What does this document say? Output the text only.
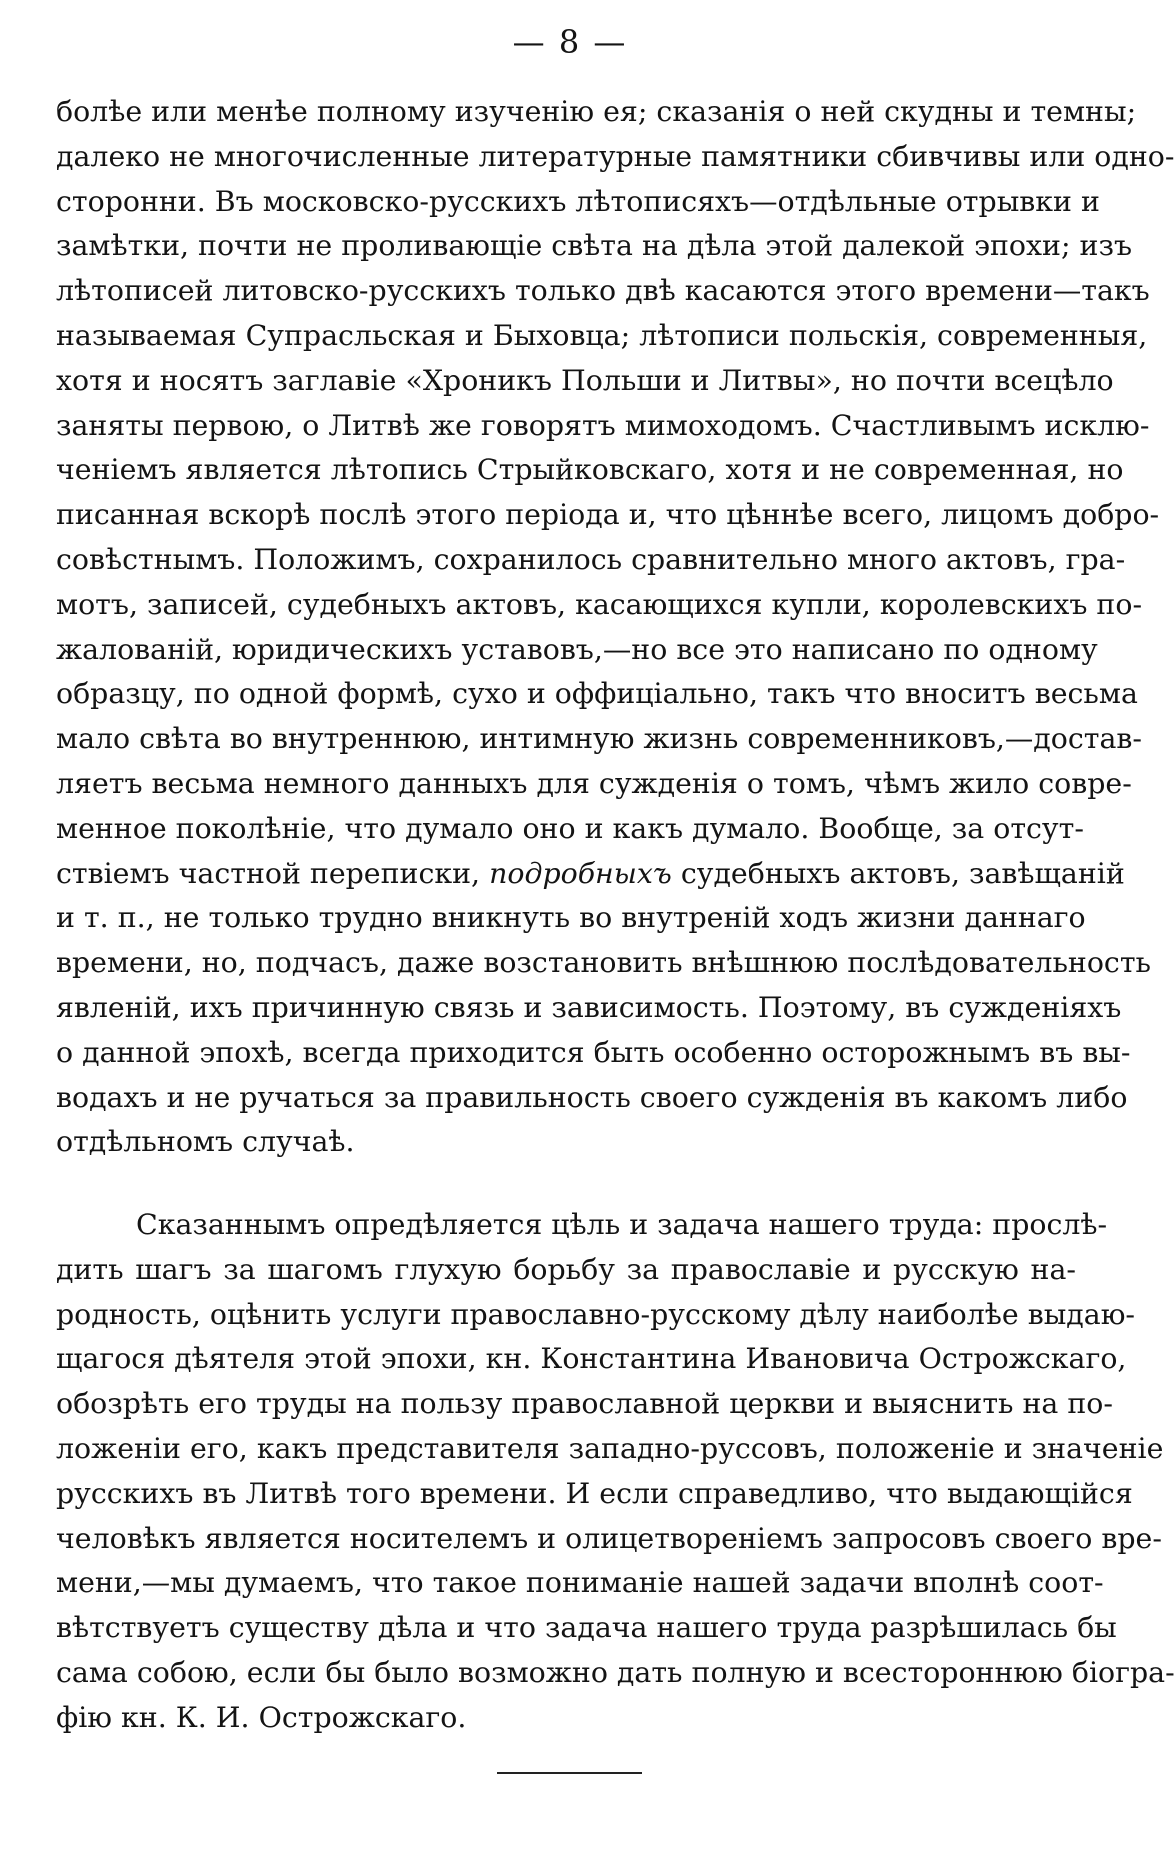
— 8 —
болѣе или менѣе полному изученію ея; сказанія о ней скудны и темны;
далеко не многочисленные литературные памятники сбивчивы или одно-
сторонни. Въ московско-русскихъ лѣтописяхъ—отдѣльные отрывки и
замѣтки, почти не проливающіе свѣта на дѣла этой далекой эпохи; изъ
лѣтописей литовско-русскихъ только двѣ касаются этого времени—такъ
называемая Супрасльская и Быховца; лѣтописи польскія, современныя,
хотя и носятъ заглавіе «Хроникъ Польши и Литвы», но почти всецѣло
заняты первою, о Литвѣ же говорятъ мимоходомъ. Счастливымъ исклю-
ченіемъ является лѣтопись Стрыйковскаго, хотя и не современная, но
писанная вскорѣ послѣ этого періода и, что цѣннѣе всего, лицомъ добро-
совѣстнымъ. Положимъ, сохранилось сравнительно много актовъ, гра-
мотъ, записей, судебныхъ актовъ, касающихся купли, королевскихъ по-
жалованій, юридическихъ уставовъ,—но все это написано по одному
образцу, по одной формѣ, сухо и оффиціально, такъ что вноситъ весьма
мало свѣта во внутреннюю, интимную жизнь современниковъ,—достав-
ляетъ весьма немного данныхъ для сужденія о томъ, чѣмъ жило совре-
менное поколѣніе, что думало оно и какъ думало. Вообще, за отсут-
ствіемъ частной переписки, подробныхъ судебныхъ актовъ, завѣщаній
и т. п., не только трудно вникнуть во внутреній ходъ жизни даннаго
времени, но, подчасъ, даже возстановить внѣшнюю послѣдовательность
явленій, ихъ причинную связь и зависимость. Поэтому, въ сужденіяхъ
о данной эпохѣ, всегда приходится быть особенно осторожнымъ въ вы-
водахъ и не ручаться за правильность своего сужденія въ какомъ либо
отдѣльномъ случаѣ.
Сказаннымъ опредѣляется цѣль и задача нашего труда: прослѣ-
дить шагъ за шагомъ глухую борьбу за православіе и русскую на-
родность, оцѣнить услуги православно-русскому дѣлу наиболѣе выдаю-
щагося дѣятеля этой эпохи, кн. Константина Ивановича Острожскаго,
обозрѣть его труды на пользу православной церкви и выяснить на по-
ложеніи его, какъ представителя западно-руссовъ, положеніе и значеніе
русскихъ въ Литвѣ того времени. И если справедливо, что выдающійся
человѣкъ является носителемъ и олицетвореніемъ запросовъ своего вре-
мени,—мы думаемъ, что такое пониманіе нашей задачи вполнѣ соот-
вѣтствуетъ существу дѣла и что задача нашего труда разрѣшилась бы
сама собою, если бы было возможно дать полную и всестороннюю біогра-
фію кн. К. И. Острожскаго.
